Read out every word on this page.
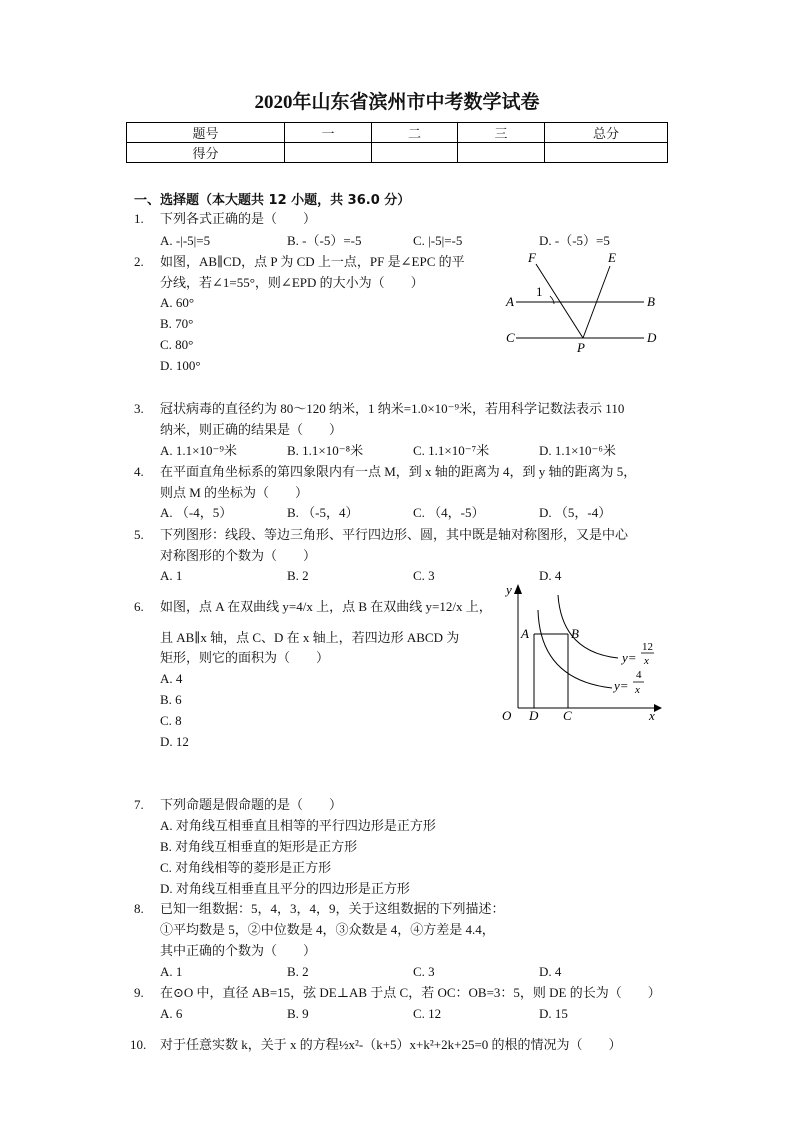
2020年山东省滨州市中考数学试卷
题号	一	二	三	总分
得分				
一、选择题（本大题共 12 小题，共 36.0 分）
1. 下列各式正确的是（　　）
A. -|-5|=5	B. -（-5）=-5	C. |-5|=-5	D. -（-5）=5
2. 如图，AB∥CD，点 P 为 CD 上一点，PF 是∠EPC 的平
分线，若∠1=55°，则∠EPD 的大小为（　　）
A. 60°
B. 70°
C. 80°
D. 100°
F	E
A	B
C	D
P
1
3. 冠状病毒的直径约为 80～120 纳米，1 纳米=1.0×10⁻⁹米，若用科学记数法表示 110
纳米，则正确的结果是（　　）
A. 1.1×10⁻⁹米	B. 1.1×10⁻⁸米	C. 1.1×10⁻⁷米	D. 1.1×10⁻⁶米
4. 在平面直角坐标系的第四象限内有一点 M，到 x 轴的距离为 4，到 y 轴的距离为 5，
则点 M 的坐标为（　　）
A. （-4，5）	B. （-5，4）	C. （4，-5）	D. （5，-4）
5. 下列图形：线段、等边三角形、平行四边形、圆，其中既是轴对称图形，又是中心
对称图形的个数为（　　）
A. 1	B. 2	C. 3	D. 4
6. 如图，点 A 在双曲线 y=4/x 上，点 B 在双曲线 y=12/x 上，
且 AB∥x 轴，点 C、D 在 x 轴上，若四边形 ABCD 为
矩形，则它的面积为（　　）
A. 4
B. 6
C. 8
D. 12
y
x
O D C
A	B
y=
12
x
y=
4
x
7. 下列命题是假命题的是（　　）
A. 对角线互相垂直且相等的平行四边形是正方形
B. 对角线互相垂直的矩形是正方形
C. 对角线相等的菱形是正方形
D. 对角线互相垂直且平分的四边形是正方形
8. 已知一组数据：5，4，3，4，9，关于这组数据的下列描述：
①平均数是 5，②中位数是 4，③众数是 4，④方差是 4.4，
其中正确的个数为（　　）
A. 1	B. 2	C. 3	D. 4
9. 在⊙O 中，直径 AB=15，弦 DE⊥AB 于点 C，若 OC：OB=3：5，则 DE 的长为（　　）
A. 6	B. 9	C. 12	D. 15
10. 对于任意实数 k，关于 x 的方程½x²-（k+5）x+k²+2k+25=0 的根的情况为（　　）
